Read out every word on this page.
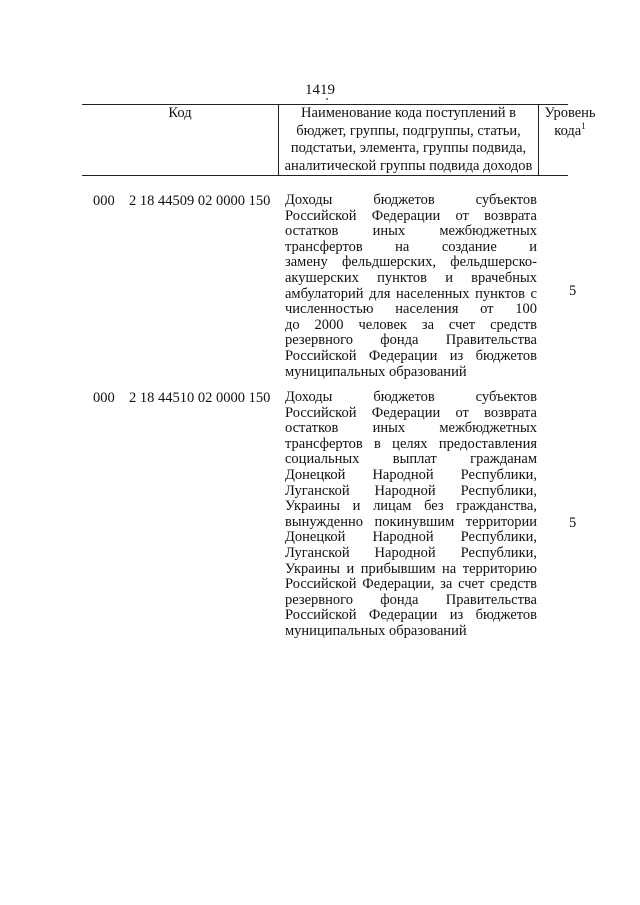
1419
Код	Наименование кода поступлений в
бюджет, группы, подгруппы, статьи,
подстатьи, элемента, группы подвида,
аналитической группы подвида доходов
Уровень
кода$^1$
000 2 18 44509 02 0000 150 Доходы бюджетов субъектов
Российской Федерации от возврата
остатков иных межбюджетных
трансфертов на создание и
замену фельдшерских, фельдшерско-
акушерских пунктов и врачебных
амбулаторий для населенных пунктов с
численностью населения от 100
до 2000 человек за счет средств
резервного фонда Правительства
Российской Федерации из бюджетов
муниципальных образований
5
000 2 18 44510 02 0000 150 Доходы бюджетов субъектов
Российской Федерации от возврата
остатков иных межбюджетных
трансфертов в целях предоставления
социальных выплат гражданам
Донецкой Народной Республики,
Луганской Народной Республики,
Украины и лицам без гражданства,
вынужденно покинувшим территории
Донецкой Народной Республики,
Луганской Народной Республики,
Украины и прибывшим на территорию
Российской Федерации, за счет средств
резервного фонда Правительства
Российской Федерации из бюджетов
муниципальных образований
5
